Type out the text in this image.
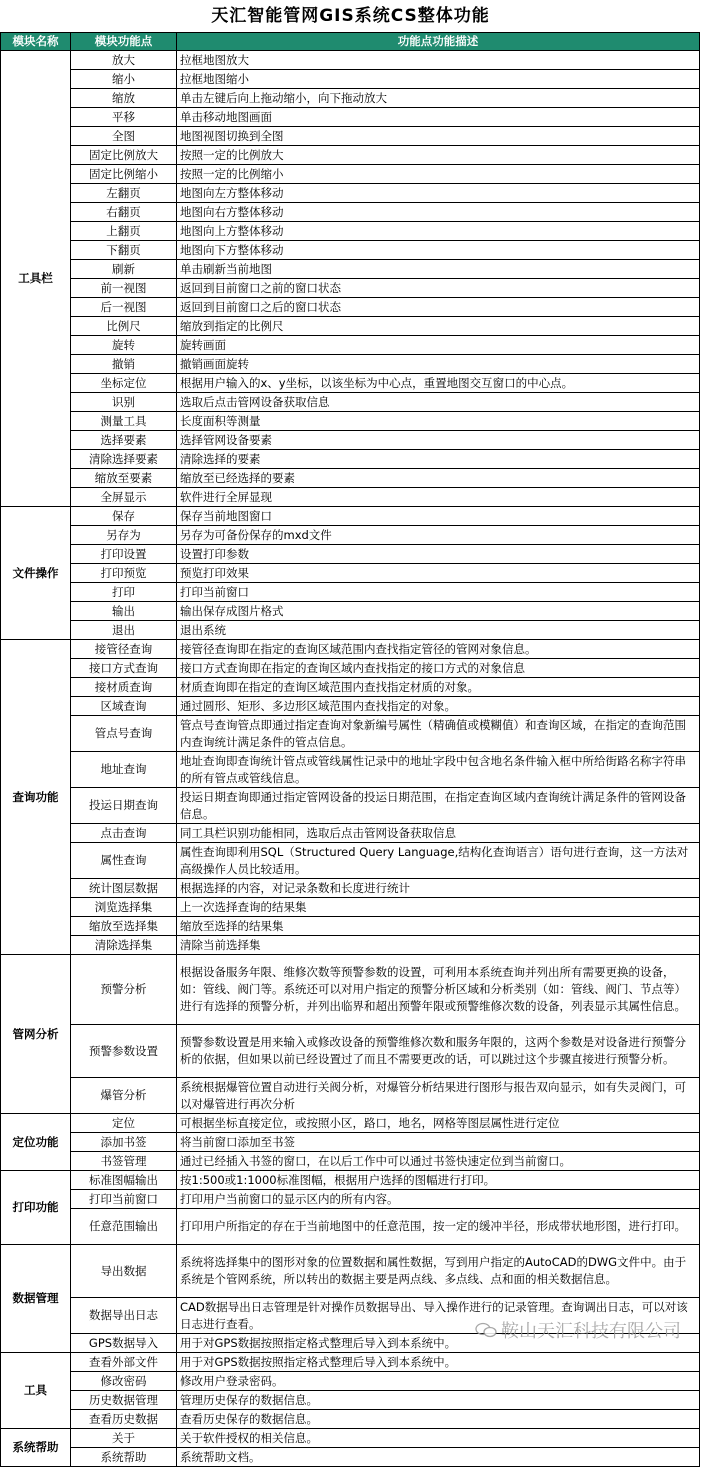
天汇智能管网GIS系统CS整体功能
模块名称	模块功能点	功能点功能描述
工具栏	放大	拉框地图放大
	缩小	拉框地图缩小
	缩放	单击左键后向上拖动缩小，向下拖动放大
	平移	单击移动地图画面
	全图	地图视图切换到全图
	固定比例放大	按照一定的比例放大
	固定比例缩小	按照一定的比例缩小
	左翻页	地图向左方整体移动
	右翻页	地图向右方整体移动
	上翻页	地图向上方整体移动
	下翻页	地图向下方整体移动
	刷新	单击刷新当前地图
	前一视图	返回到目前窗口之前的窗口状态
	后一视图	返回到目前窗口之后的窗口状态
	比例尺	缩放到指定的比例尺
	旋转	旋转画面
	撤销	撤销画面旋转
	坐标定位	根据用户输入的x、y坐标，以该坐标为中心点，重置地图交互窗口的中心点。
	识别	选取后点击管网设备获取信息
	测量工具	长度面积等测量
	选择要素	选择管网设备要素
	清除选择要素	清除选择的要素
	缩放至要素	缩放至已经选择的要素
	全屏显示	软件进行全屏显现
文件操作	保存	保存当前地图窗口
	另存为	另存为可备份保存的mxd文件
	打印设置	设置打印参数
	打印预览	预览打印效果
	打印	打印当前窗口
	输出	输出保存成图片格式
	退出	退出系统
查询功能	接管径查询	接管径查询即在指定的查询区域范围内查找指定管径的管网对象信息。
	接口方式查询	接口方式查询即在指定的查询区域内查找指定的接口方式的对象信息
	接材质查询	材质查询即在指定的查询区域范围内查找指定材质的对象。
	区域查询	通过圆形、矩形、多边形区域范围内查找指定的对象。
	管点号查询	管点号查询管点即通过指定查询对象新编号属性（精确值或模糊值）和查询区域，在指定的查询范围内查询统计满足条件的管点信息。
	地址查询	地址查询即查询统计管点或管线属性记录中的地址字段中包含地名条件输入框中所给街路名称字符串的所有管点或管线信息。
	投运日期查询	投运日期查询即通过指定管网设备的投运日期范围，在指定查询区域内查询统计满足条件的管网设备信息。
	点击查询	同工具栏识别功能相同，选取后点击管网设备获取信息
	属性查询	属性查询即利用SQL（Structured Query Language,结构化查询语言）语句进行查询，这一方法对高级操作人员比较适用。
	统计图层数据	根据选择的内容，对记录条数和长度进行统计
	浏览选择集	上一次选择查询的结果集
	缩放至选择集	缩放至选择的结果集
	清除选择集	清除当前选择集
管网分析	预警分析	根据设备服务年限、维修次数等预警参数的设置，可利用本系统查询并列出所有需要更换的设备，如：管线、阀门等。系统还可以对用户指定的预警分析区域和分析类别（如：管线、阀门、节点等）进行有选择的预警分析，并列出临界和超出预警年限或预警维修次数的设备，列表显示其属性信息。
	预警参数设置	预警参数设置是用来输入或修改设备的预警维修次数和服务年限的，这两个参数是对设备进行预警分析的依据，但如果以前已经设置过了而且不需要更改的话，可以跳过这个步骤直接进行预警分析。
	爆管分析	系统根据爆管位置自动进行关阀分析，对爆管分析结果进行图形与报告双向显示，如有失灵阀门，可以对爆管进行再次分析
定位功能	定位	可根据坐标直接定位，或按照小区，路口，地名，网格等图层属性进行定位
	添加书签	将当前窗口添加至书签
	书签管理	通过已经插入书签的窗口，在以后工作中可以通过书签快速定位到当前窗口。
打印功能	标准图幅输出	按1:500或1:1000标准图幅，根据用户选择的图幅进行打印。
	打印当前窗口	打印用户当前窗口的显示区内的所有内容。
	任意范围输出	打印用户所指定的存在于当前地图中的任意范围，按一定的缓冲半径，形成带状地形图，进行打印。
数据管理	导出数据	系统将选择集中的图形对象的位置数据和属性数据，写到用户指定的AutoCAD的DWG文件中。由于系统是个管网系统，所以转出的数据主要是两点线、多点线、点和面的相关数据信息。
	数据导出日志	CAD数据导出日志管理是针对操作员数据导出、导入操作进行的记录管理。查询调出日志，可以对该日志进行查看。
	GPS数据导入	用于对GPS数据按照指定格式整理后导入到本系统中。
工具	查看外部文件	用于对GPS数据按照指定格式整理后导入到本系统中。
	修改密码	修改用户登录密码。
	历史数据管理	管理历史保存的数据信息。
	查看历史数据	查看历史保存的数据信息。
系统帮助	关于	关于软件授权的相关信息。
	系统帮助	系统帮助文档。
鞍山天汇科技有限公司
